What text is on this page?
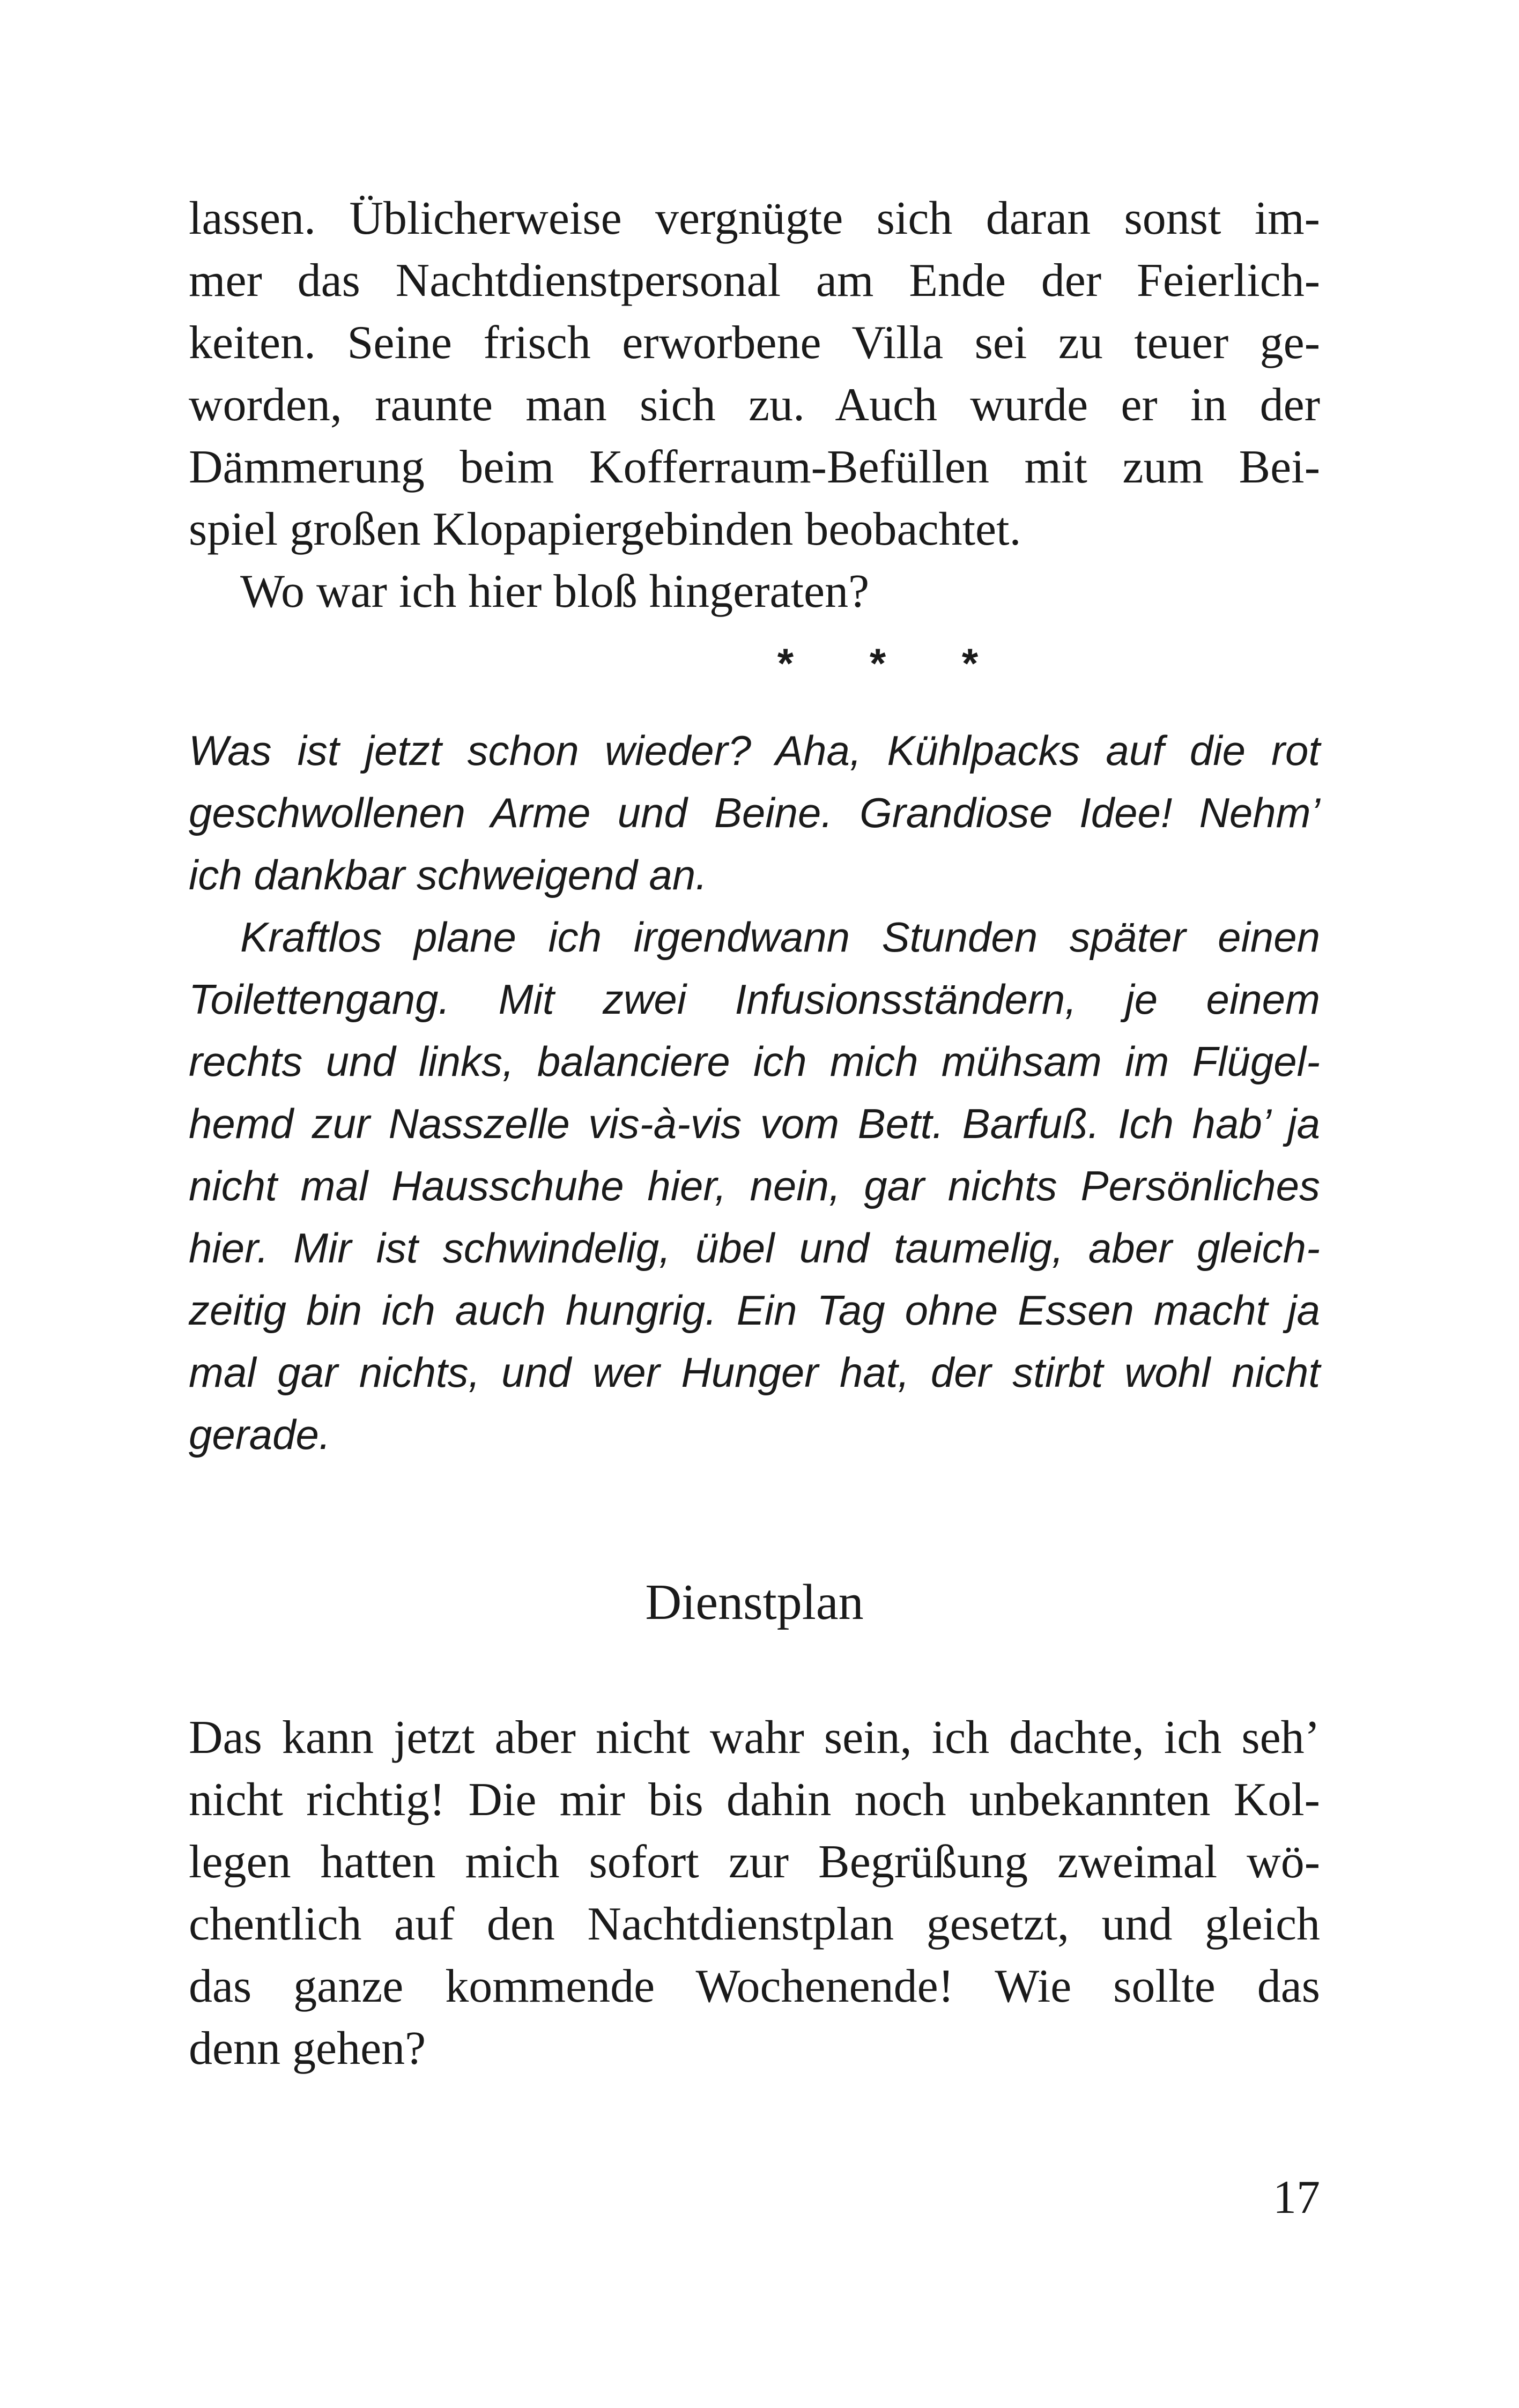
lassen. Üblicherweise vergnügte sich daran sonst im-
mer das Nachtdienstpersonal am Ende der Feierlich-
keiten. Seine frisch erworbene Villa sei zu teuer ge-
worden, raunte man sich zu. Auch wurde er in der
Dämmerung beim Kofferraum-Befüllen mit zum Bei-
spiel großen Klopapiergebinden beobachtet.
Wo war ich hier bloß hingeraten?
* * *
Was ist jetzt schon wieder? Aha, Kühlpacks auf die rot
geschwollenen Arme und Beine. Grandiose Idee! Nehm’
ich dankbar schweigend an.
Kraftlos plane ich irgendwann Stunden später einen
Toilettengang. Mit zwei Infusionsständern, je einem
rechts und links, balanciere ich mich mühsam im Flügel-
hemd zur Nasszelle vis-à-vis vom Bett. Barfuß. Ich hab’ ja
nicht mal Hausschuhe hier, nein, gar nichts Persönliches
hier. Mir ist schwindelig, übel und taumelig, aber gleich-
zeitig bin ich auch hungrig. Ein Tag ohne Essen macht ja
mal gar nichts, und wer Hunger hat, der stirbt wohl nicht
gerade.
Dienstplan
Das kann jetzt aber nicht wahr sein, ich dachte, ich seh’
nicht richtig! Die mir bis dahin noch unbekannten Kol-
legen hatten mich sofort zur Begrüßung zweimal wö-
chentlich auf den Nachtdienstplan gesetzt, und gleich
das ganze kommende Wochenende! Wie sollte das
denn gehen?
17
